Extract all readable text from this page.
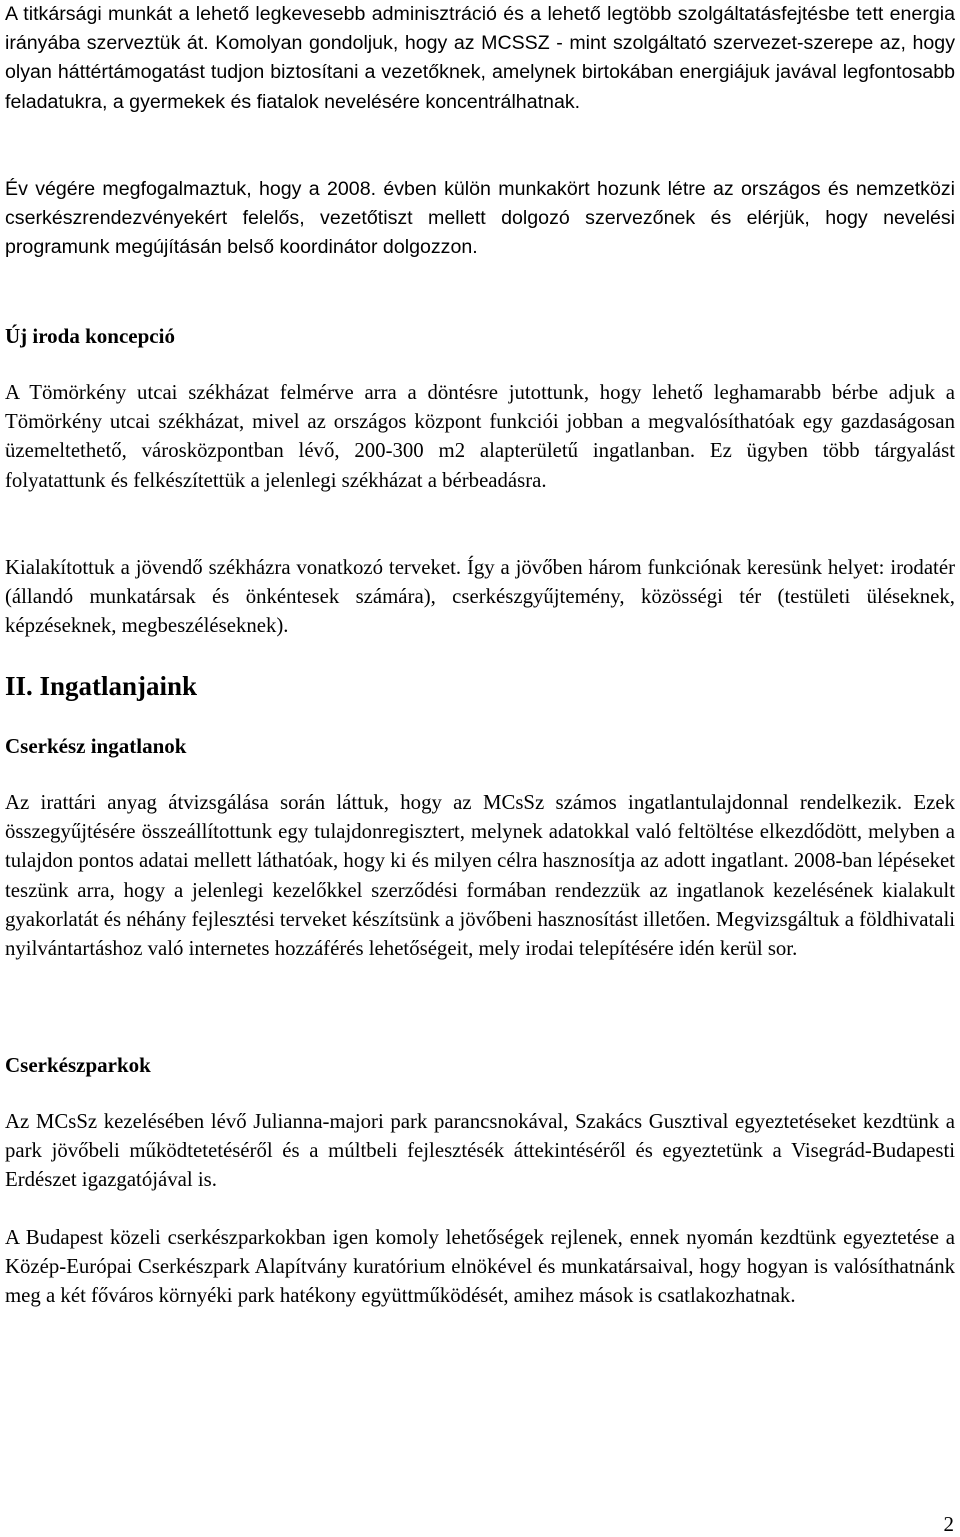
A titkársági munkát a lehető legkevesebb adminisztráció és a lehető legtöbb szolgáltatásfejtésbe tett energia irányába szerveztük át. Komolyan gondoljuk, hogy az MCSSZ - mint szolgáltató szervezet-szerepe az, hogy olyan háttértámogatást tudjon biztosítani a vezetőknek, amelynek birtokában energiájuk javával legfontosabb feladatukra, a gyermekek és fiatalok nevelésére koncentrálhatnak.

Év végére megfogalmaztuk, hogy a 2008. évben külön munkakört hozunk létre az országos és nemzetközi cserkészrendezvényekért felelős, vezetőtiszt mellett dolgozó szervezőnek és elérjük, hogy nevelési programunk megújításán belső koordinátor dolgozzon.

Új iroda koncepció

A Tömörkény utcai székházat felmérve arra a döntésre jutottunk, hogy lehető leghamarabb bérbe adjuk a Tömörkény utcai székházat, mivel az országos központ funkciói jobban a megvalósíthatóak egy gazdaságosan üzemeltethető, városközpontban lévő, 200-300 m2 alapterületű ingatlanban. Ez ügyben több tárgyalást folyatattunk és felkészítettük a jelenlegi székházat a bérbeadásra.

Kialakítottuk a jövendő székházra vonatkozó terveket. Így a jövőben három funkciónak keresünk helyet: irodatér (állandó munkatársak és önkéntesek számára), cserkészgyűjtemény, közösségi tér (testületi üléseknek, képzéseknek, megbeszéléseknek).

II. Ingatlanjaink
Cserkész ingatlanok

Az irattári anyag átvizsgálása során láttuk, hogy az MCsSz számos ingatlantulajdonnal rendelkezik. Ezek összegyűjtésére összeállítottunk egy tulajdonregisztert, melynek adatokkal való feltöltése elkezdődött, melyben a tulajdon pontos adatai mellett láthatóak, hogy ki és milyen célra hasznosítja az adott ingatlant. 2008-ban lépéseket teszünk arra, hogy a jelenlegi kezelőkkel szerződési formában rendezzük az ingatlanok kezelésének kialakult gyakorlatát és néhány fejlesztési terveket készítsünk a jövőbeni hasznosítást illetően. Megvizsgáltuk a földhivatali nyilvántartáshoz való internetes hozzáférés lehetőségeit, mely irodai telepítésére idén kerül sor.

Cserkészparkok

Az MCsSz kezelésében lévő Julianna-majori park parancsnokával, Szakács Gusztival egyeztetéseket kezdtünk a park jövőbeli működtetetéséről és a múltbeli fejlesztésék áttekintéséről és egyeztetünk a Visegrád-Budapesti Erdészet igazgatójával is.

A Budapest közeli cserkészparkokban igen komoly lehetőségek rejlenek, ennek nyomán kezdtünk egyeztetése a Közép-Európai Cserkészpark Alapítvány kuratórium elnökével és munkatársaival, hogy hogyan is valósíthatnánk meg a két főváros környéki park hatékony együttműködését, amihez mások is csatlakozhatnak.

2
